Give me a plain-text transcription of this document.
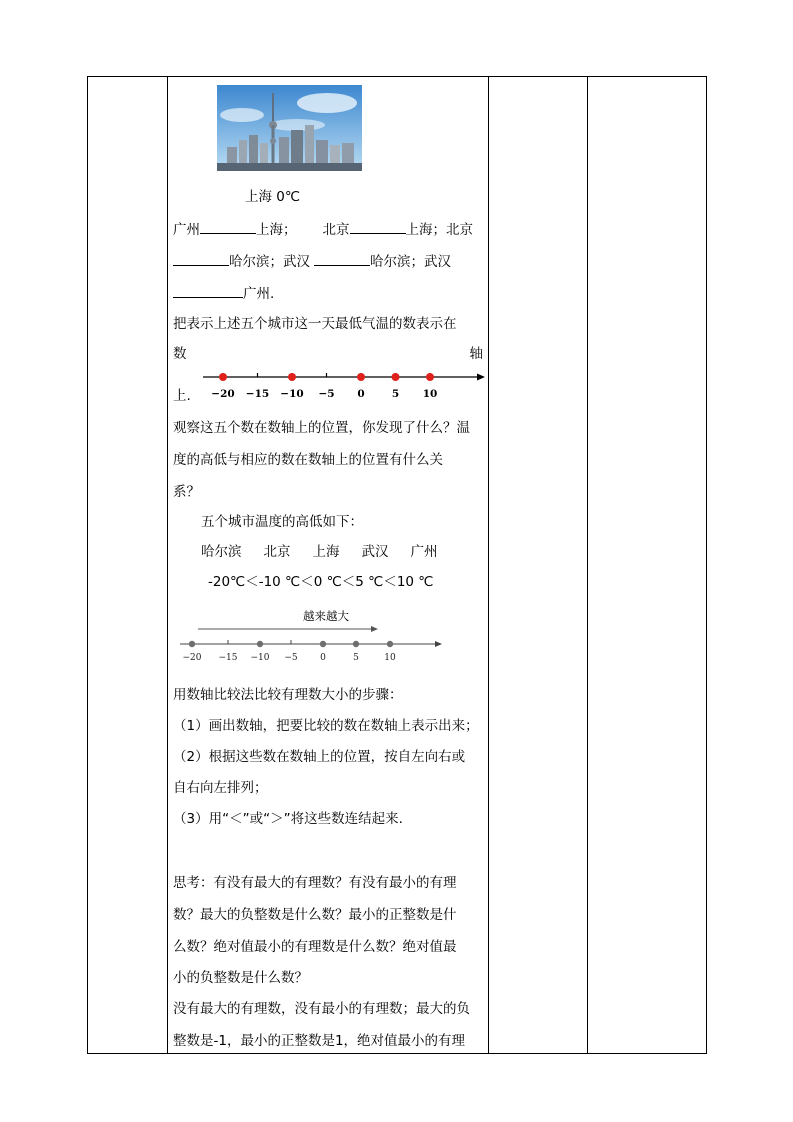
上海 0℃
广州	上海； 北京	上海；北京
哈尔滨；武汉	哈尔滨；武汉
广州.
把表示上述五个城市这一天最低气温的数表示在
数	轴
上. −20 −15 −10 −5 0	5 10
观察这五个数在数轴上的位置，你发现了什么？温
度的高低与相应的数在数轴上的位置有什么关
系？
五个城市温度的高低如下：
哈尔滨 北京 上海 武汉 广州
-20℃＜-10 ℃＜0 ℃＜5 ℃＜10 ℃
越来越大
−20 −15 −10 −5 0	5	10
用数轴比较法比较有理数大小的步骤：
（1）画出数轴，把要比较的数在数轴上表示出来；
（2）根据这些数在数轴上的位置，按自左向右或
自右向左排列；
（3）用“＜”或“＞”将这些数连结起来.
思考：有没有最大的有理数？有没有最小的有理
数？最大的负整数是什么数？最小的正整数是什
么数？绝对值最小的有理数是什么数？绝对值最
小的负整数是什么数？
没有最大的有理数，没有最小的有理数；最大的负
整数是-1，最小的正整数是1，绝对值最小的有理
